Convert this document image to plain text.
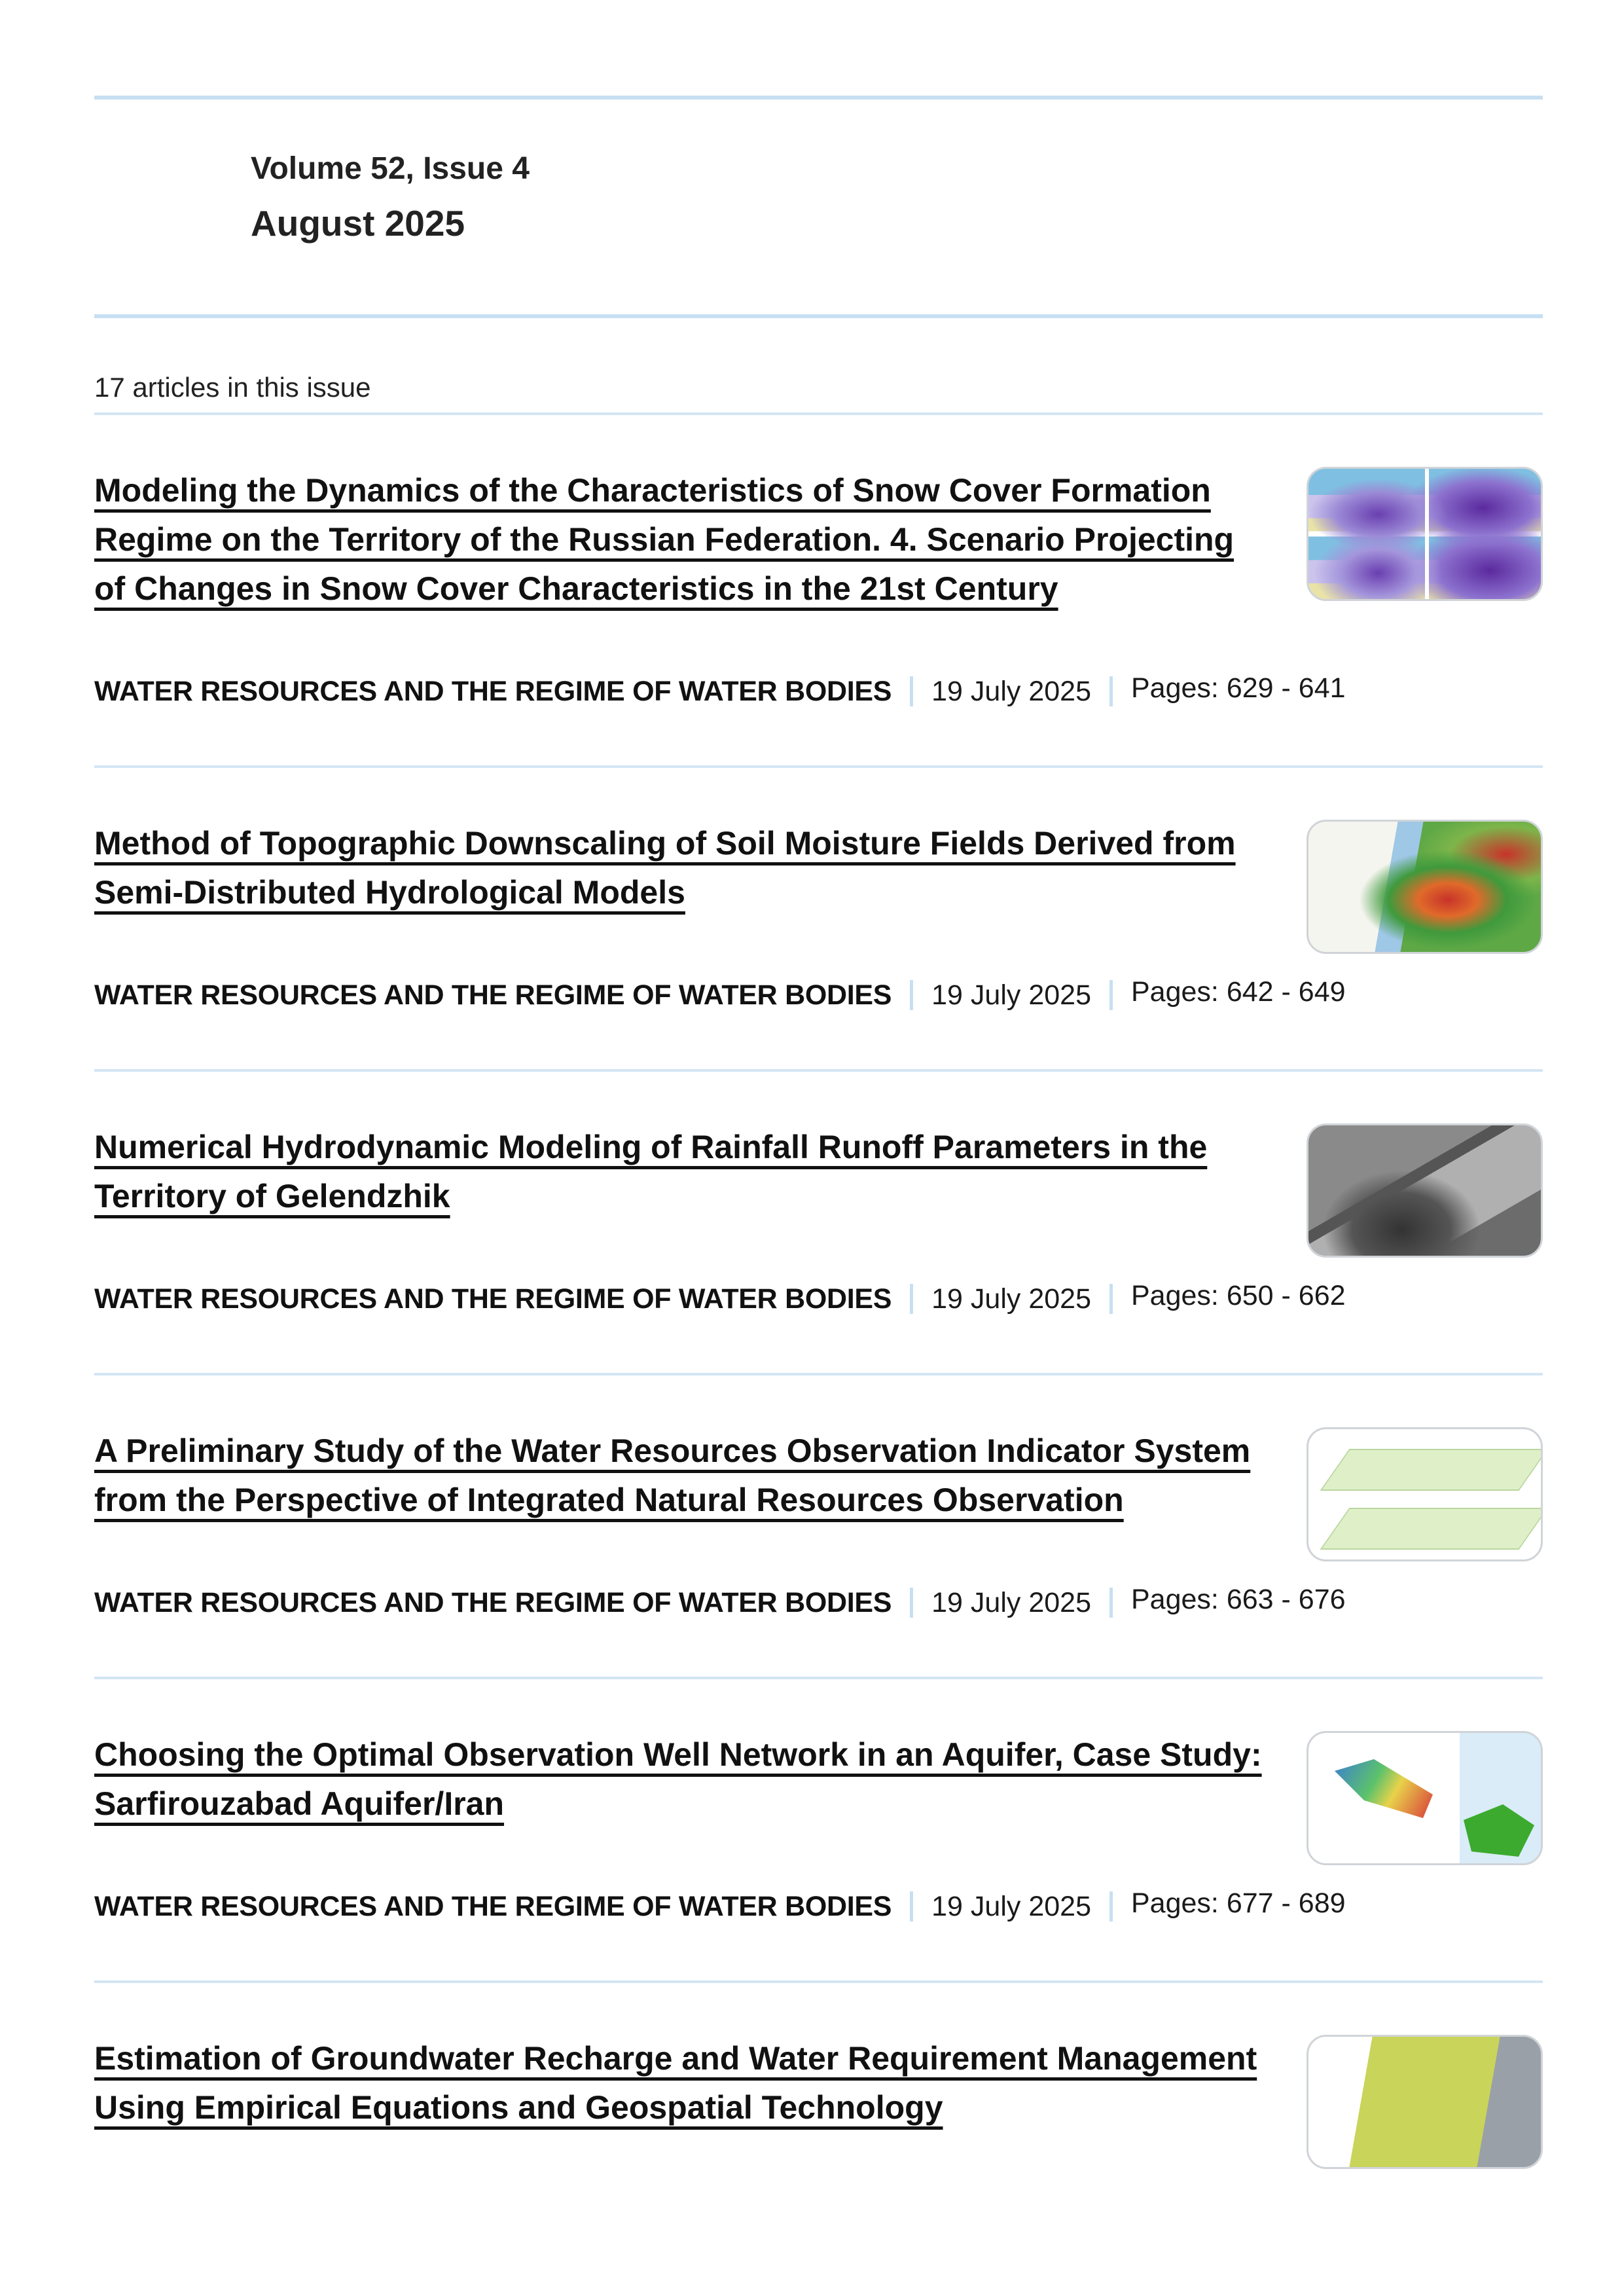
Volume 52, Issue 4
August 2025
17 articles in this issue
Modeling the Dynamics of the Characteristics of Snow Cover Formation Regime on the Territory of the Russian Federation. 4. Scenario Projecting of Changes in Snow Cover Characteristics in the 21st Century
WATER RESOURCES AND THE REGIME OF WATER BODIES 19 July 2025 Pages: 629 - 641
Method of Topographic Downscaling of Soil Moisture Fields Derived from Semi-Distributed Hydrological Models
WATER RESOURCES AND THE REGIME OF WATER BODIES 19 July 2025 Pages: 642 - 649
Numerical Hydrodynamic Modeling of Rainfall Runoff Parameters in the Territory of Gelendzhik
WATER RESOURCES AND THE REGIME OF WATER BODIES 19 July 2025 Pages: 650 - 662
A Preliminary Study of the Water Resources Observation Indicator System from the Perspective of Integrated Natural Resources Observation
WATER RESOURCES AND THE REGIME OF WATER BODIES 19 July 2025 Pages: 663 - 676
Choosing the Optimal Observation Well Network in an Aquifer, Case Study: Sarfirouzabad Aquifer/Iran
WATER RESOURCES AND THE REGIME OF WATER BODIES 19 July 2025 Pages: 677 - 689
Estimation of Groundwater Recharge and Water Requirement Management Using Empirical Equations and Geospatial Technology
